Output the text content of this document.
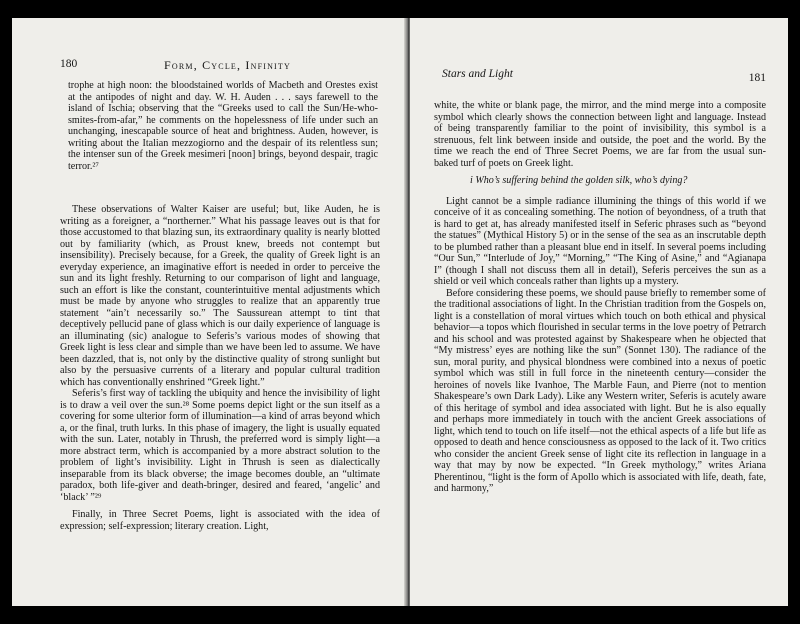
180	Form, Cycle, Infinity

trophe at high noon: the bloodstained worlds of Macbeth and Orestes exist at the antipodes of night and day. W. H. Auden . . . says farewell to the island of Ischia; observing that the “Greeks used to call the Sun/He-who-smites-from-afar,” he comments on the hopelessness of life under such an unchanging, inescapable source of heat and brightness. Auden, however, is writing about the Italian mezzogiorno and the despair of its relentless sun; the intenser sun of the Greek mesimeri [noon] brings, beyond despair, tragic terror.²⁷

These observations of Walter Kaiser are useful; but, like Auden, he is writing as a foreigner, a “northerner.” What his passage leaves out is that for those accustomed to that blazing sun, its extraordinary quality is nearly blotted out by familiarity (which, as Proust knew, breeds not contempt but insensibility). Precisely because, for a Greek, the quality of Greek light is an everyday experience, an imaginative effort is needed in order to perceive the sun and its light freshly. Returning to our comparison of light and language, such an effort is like the constant, counterintuitive mental adjustments which must be made by anyone who struggles to realize that an apparently true statement “ain’t necessarily so.” The Saussurean attempt to tint that deceptively pellucid pane of glass which is our daily experience of language is an illuminating (sic) analogue to Seferis’s various modes of showing that Greek light is less clear and simple than we have been led to assume. We have been dazzled, that is, not only by the distinctive quality of strong sunlight but also by the persuasive currents of a literary and popular cultural tradition which has conventionally enshrined “Greek light.”

Seferis’s first way of tackling the ubiquity and hence the invisibility of light is to draw a veil over the sun.²⁸ Some poems depict light or the sun itself as a covering for some ulterior form of illumination—a kind of arras beyond which a, or the final, truth lurks. In this phase of imagery, the light is usually equated with the sun. Later, notably in Thrush, the preferred word is simply light—a more abstract term, which is accompanied by a more abstract solution to the problem of light’s invisibility. Light in Thrush is seen as dialectically inseparable from its black obverse; the image becomes double, an “ultimate paradox, both life-giver and death-bringer, desired and feared, ‘angelic’ and ‘black’ ”²⁹

Finally, in Three Secret Poems, light is associated with the idea of expression; self-expression; literary creation. Light,

Stars and Light	181

white, the white or blank page, the mirror, and the mind merge into a composite symbol which clearly shows the connection between light and language. Instead of being transparently familiar to the point of invisibility, this symbol is a strenuous, felt link between inside and outside, the poet and the world. By the time we reach the end of Three Secret Poems, we are far from the usual sun-baked turf of poets on Greek light.

i Who’s suffering behind the golden silk, who’s dying?

Light cannot be a simple radiance illumining the things of this world if we conceive of it as concealing something. The notion of beyondness, of a truth that is hard to get at, has already manifested itself in Seferic phrases such as “beyond the statues” (Mythical History 5) or in the sense of the sea as an inscrutable depth to be plumbed rather than a pleasant blue end in itself. In several poems including “Our Sun,” “Interlude of Joy,” “Morning,” “The King of Asine,” and “Agianapa I” (though I shall not discuss them all in detail), Seferis perceives the sun as a shield or veil which conceals rather than lights up a mystery.

Before considering these poems, we should pause briefly to remember some of the traditional associations of light. In the Christian tradition from the Gospels on, light is a constellation of moral virtues which touch on both ethical and physical behavior—a topos which flourished in secular terms in the love poetry of Petrarch and his school and was protested against by Shakespeare when he objected that “My mistress’ eyes are nothing like the sun” (Sonnet 130). The radiance of the sun, moral purity, and physical blondness were combined into a nexus of poetic symbol which was still in full force in the nineteenth century—consider the heroines of novels like Ivanhoe, The Marble Faun, and Pierre (not to mention Shakespeare’s own Dark Lady). Like any Western writer, Seferis is acutely aware of this heritage of symbol and idea associated with light. But he is also equally and perhaps more immediately in touch with the ancient Greek associations of light, which tend to touch on life itself—not the ethical aspects of a life but life as opposed to death and hence consciousness as opposed to the lack of it. Two critics who consider the ancient Greek sense of light cite its reflection in language in a way that may by now be expected. “In Greek mythology,” writes Ariana Pherentinou, “light is the form of Apollo which is associated with life, death, fate, and harmony,”
